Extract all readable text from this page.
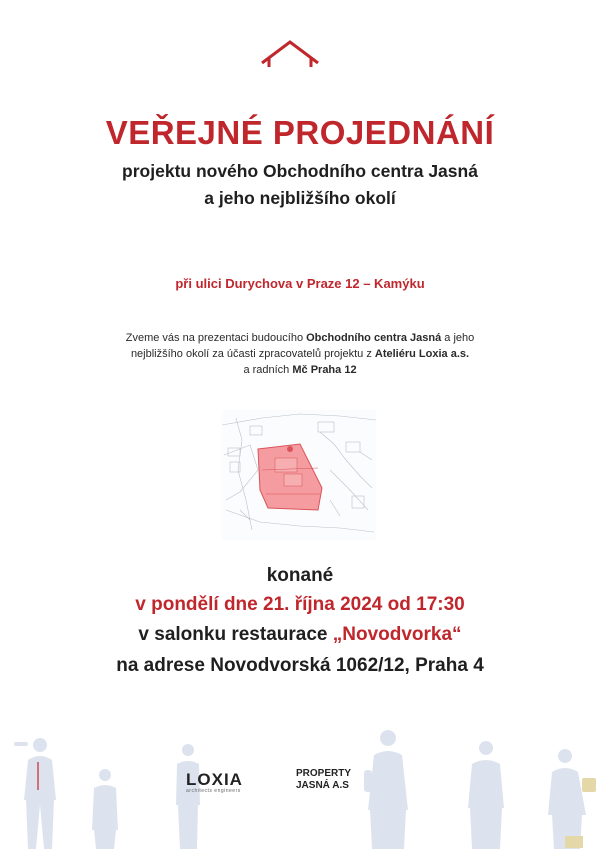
VEŘEJNÉ PROJEDNÁNÍ
projektu nového Obchodního centra Jasná
a jeho nejbližšího okolí
při ulici Durychova v Praze 12 – Kamýku
Zveme vás na prezentaci budoucího Obchodního centra Jasná a jeho
nejbližšího okolí za účasti zpracovatelů projektu z Ateliéru Loxia a.s.
a radních Mč Praha 12
konané
v pondělí dne 21. října 2024 od 17:30
v salonku restaurace „Novodvorka“
na adrese Novodvorská 1062/12, Praha 4
LOXIA
architects engineers
PROPERTY
JASNÁ A.S
